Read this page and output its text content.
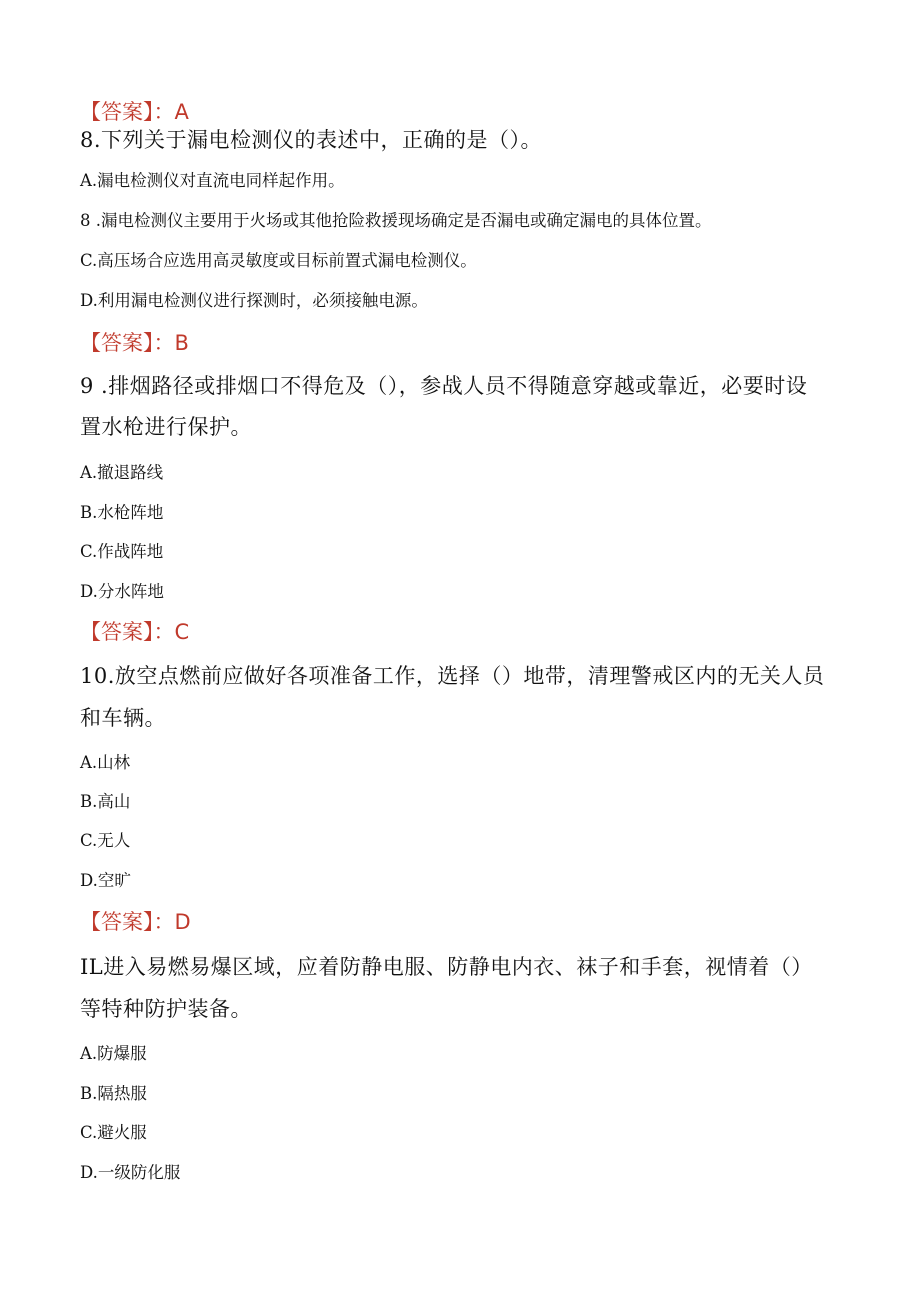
【答案】：A

8.下列关于漏电检测仪的表述中，正确的是（）。

A.漏电检测仪对直流电同样起作用。

8 .漏电检测仪主要用于火场或其他抢险救援现场确定是否漏电或确定漏电的具体位置。

C.高压场合应选用高灵敏度或目标前置式漏电检测仪。

D.利用漏电检测仪进行探测时，必须接触电源。

【答案】：B

9 .排烟路径或排烟口不得危及（），参战人员不得随意穿越或靠近，必要时设

置水枪进行保护。

A.撤退路线

B.水枪阵地

C.作战阵地

D.分水阵地

【答案】：C

10.放空点燃前应做好各项准备工作，选择（）地带，清理警戒区内的无关人员

和车辆。

A.山林

B.高山

C.无人

D.空旷

【答案】：D

IL进入易燃易爆区域，应着防静电服、防静电内衣、袜子和手套，视情着（）

等特种防护装备。

A.防爆服

B.隔热服

C.避火服

D.一级防化服
